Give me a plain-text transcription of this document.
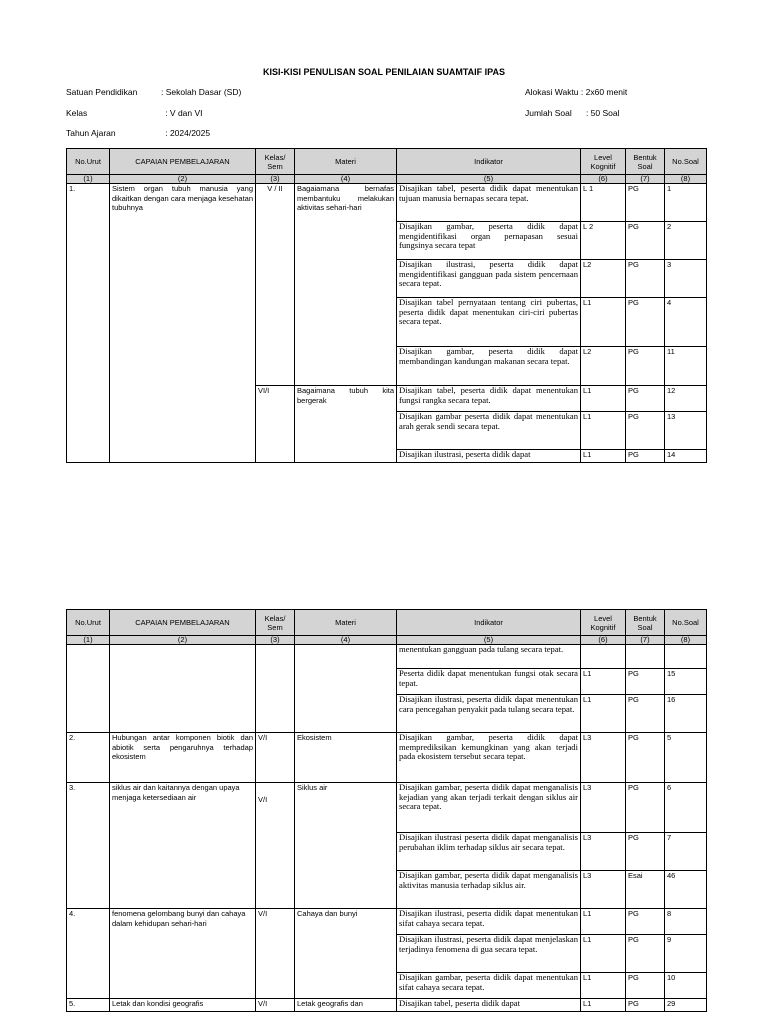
KISI-KISI PENULISAN SOAL PENILAIAN SUAMTAIF IPAS
Satuan Pendidikan          : Sekolah Dasar (SD)
Kelas                                 : V dan VI
Tahun Ajaran                     : 2024/2025
Alokasi Waktu : 2x60 menit
Jumlah Soal      : 50 Soal
No.Urut	CAPAIAN PEMBELAJARAN	Kelas/ Sem	Materi	Indikator	Level Kognitif	Bentuk Soal	No.Soal
(1)	(2)	(3)	(4)	(5)	(6)	(7)	(8)
1.	Sistem organ tubuh manusia yang dikaitkan dengan cara menjaga kesehatan tubuhnya	V / II	Bagaiamana bernafas membantuku melakukan aktivitas sehari-hari	Disajikan tabel, peserta didik dapat menentukan tujuan manusia bernapas secara tepat.	L 1	PG	1
				Disajikan gambar, peserta didik dapat mengidentifikasi organ pernapasan sesuai fungsinya secara tepat	L 2	PG	2
				Disajikan ilustrasi, peserta didik dapat mengidentifikasi gangguan pada sistem pencernaan secara tepat.	L2	PG	3
				Disajikan tabel pernyataan tentang ciri pubertas, peserta didik dapat menentukan ciri-ciri pubertas secara tepat.	L1	PG	4
				Disajikan gambar, peserta didik dapat membandingan kandungan makanan secara tepat.	L2	PG	11
		VI/I	Bagaimana tubuh kita bergerak	Disajikan tabel, peserta didik dapat menentukan fungsi rangka secara tepat.	L1	PG	12
				Disajikan gambar peserta didik dapat menentukan arah gerak sendi secara tepat.	L1	PG	13
				Disajikan ilustrasi, peserta didik dapat	L1	PG	14
No.Urut	CAPAIAN PEMBELAJARAN	Kelas/ Sem	Materi	Indikator	Level Kognitif	Bentuk Soal	No.Soal
(1)	(2)	(3)	(4)	(5)	(6)	(7)	(8)
				menentukan gangguan pada tulang secara tepat.			
				Peserta didik dapat menentukan fungsi otak secara tepat.	L1	PG	15
				Disajikan ilustrasi, peserta didik dapat menentukan cara pencegahan penyakit pada tulang secara tepat.	L1	PG	16
2.	Hubungan antar komponen biotik dan abiotik serta pengaruhnya terhadap ekosistem	V/I	Ekosistem	Disajikan gambar, peserta didik dapat memprediksikan kemungkinan yang akan terjadi pada ekosistem tersebut secara tepat.	L3	PG	5
3.	siklus air dan kaitannya dengan upaya menjaga ketersediaan air	V/I	Siklus air	Disajikan gambar, peserta didik dapat menganalisis kejadian yang akan terjadi terkait dengan siklus air secara tepat.	L3	PG	6
				Disajikan ilustrasi peserta didik dapat menganalisis perubahan iklim terhadap siklus air secara tepat.	L3	PG	7
				Disajikan gambar, peserta didik dapat menganalisis aktivitas manusia terhadap siklus air.	L3	Esai	46
4.	fenomena gelombang bunyi dan cahaya dalam kehidupan sehari-hari	V/I	Cahaya dan bunyi	Disajikan ilustrasi, peserta didik dapat menentukan sifat cahaya secara tepat.	L1	PG	8
				Disajikan ilustrasi, peserta didik dapat menjelaskan terjadinya fenomena di gua secara tepat.	L1	PG	9
				Disajikan gambar, peserta didik dapat menentukan sifat cahaya secara tepat.	L1	PG	10
5.	Letak dan kondisi geografis	V/I	Letak geografis dan	Disajikan tabel, peserta didik dapat	L1	PG	29
